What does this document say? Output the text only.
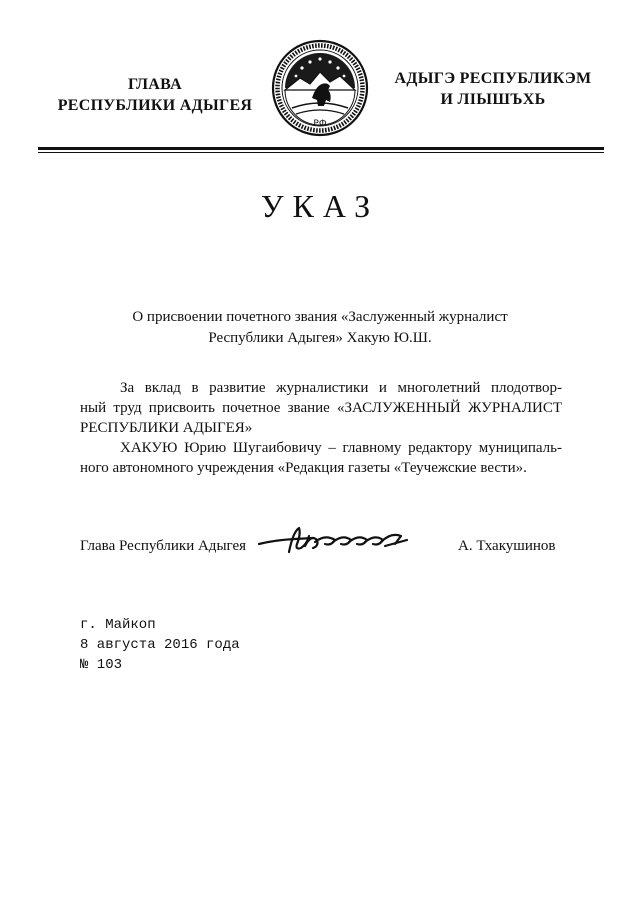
ГЛАВА
РЕСПУБЛИКИ АДЫГЕЯ
РФ
АДЫГЭ РЕСПУБЛИКЭМ
И ЛІЫШЪХЬ
УКАЗ
О присвоении почетного звания «Заслуженный журналист
Республики Адыгея» Хакую Ю.Ш.
За вклад в развитие журналистики и многолетний плодотвор-
ный труд присвоить почетное звание «ЗАСЛУЖЕННЫЙ ЖУРНАЛИСТ
РЕСПУБЛИКИ АДЫГЕЯ»
ХАКУЮ Юрию Шугаибовичу – главному редактору муниципаль-
ного автономного учреждения «Редакция газеты «Теучежские вести».
Глава Республики Адыгея	А. Тхакушинов
г. Майкоп
8 августа 2016 года
№ 103
